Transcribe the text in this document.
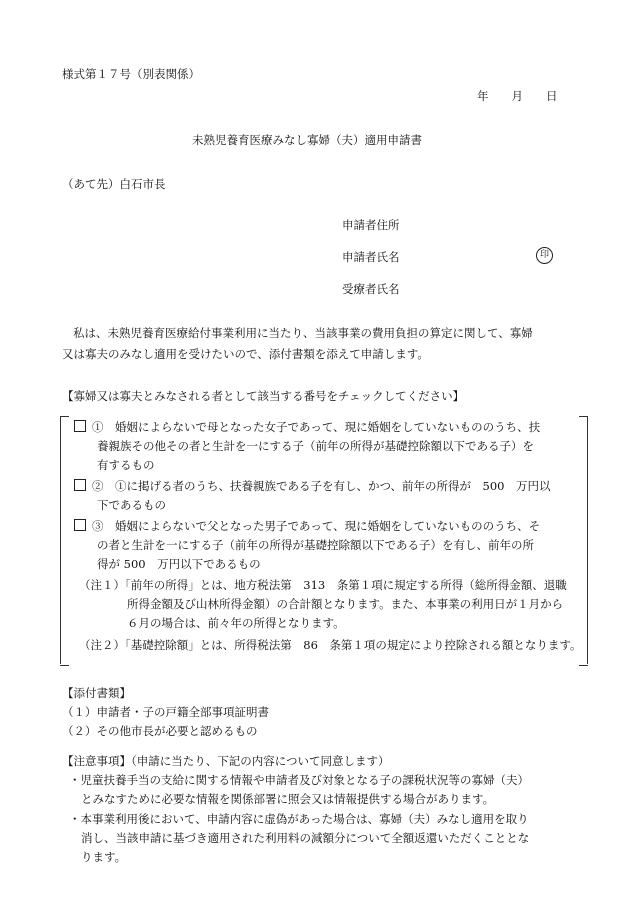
様式第１７号（別表関係）
年　　月　　日
未熟児養育医療みなし寡婦（夫）適用申請書
（あて先）白石市長
申請者住所
申請者氏名	印
受療者氏名
私は、未熟児養育医療給付事業利用に当たり、当該事業の費用負担の算定に関して、寡婦
又は寡夫のみなし適用を受けたいので、添付書類を添えて申請します。
【寡婦又は寡夫とみなされる者として該当する番号をチェックしてください】
①　婚姻によらないで母となった女子であって、現に婚姻をしていないもののうち、扶
養親族その他その者と生計を一にする子（前年の所得が基礎控除額以下である子）を
有するもの
②　①に掲げる者のうち、扶養親族である子を有し、かつ、前年の所得が　500　万円以
下であるもの
③　婚姻によらないで父となった男子であって、現に婚姻をしていないもののうち、そ
の者と生計を一にする子（前年の所得が基礎控除額以下である子）を有し、前年の所
得が 500　万円以下であるもの
（注１）「前年の所得」とは、地方税法第　313　条第１項に規定する所得（総所得金額、退職
所得金額及び山林所得金額）の合計額となります。また、本事業の利用日が１月から
６月の場合は、前々年の所得となります。
（注２）「基礎控除額」とは、所得税法第　86　条第１項の規定により控除される額となります。
【添付書類】
（１）申請者・子の戸籍全部事項証明書
（２）その他市長が必要と認めるもの
【注意事項】（申請に当たり、下記の内容について同意します）
・児童扶養手当の支給に関する情報や申請者及び対象となる子の課税状況等の寡婦（夫）
とみなすために必要な情報を関係部署に照会又は情報提供する場合があります。
・本事業利用後において、申請内容に虚偽があった場合は、寡婦（夫）みなし適用を取り
消し、当該申請に基づき適用された利用料の減額分について全額返還いただくこととな
ります。
